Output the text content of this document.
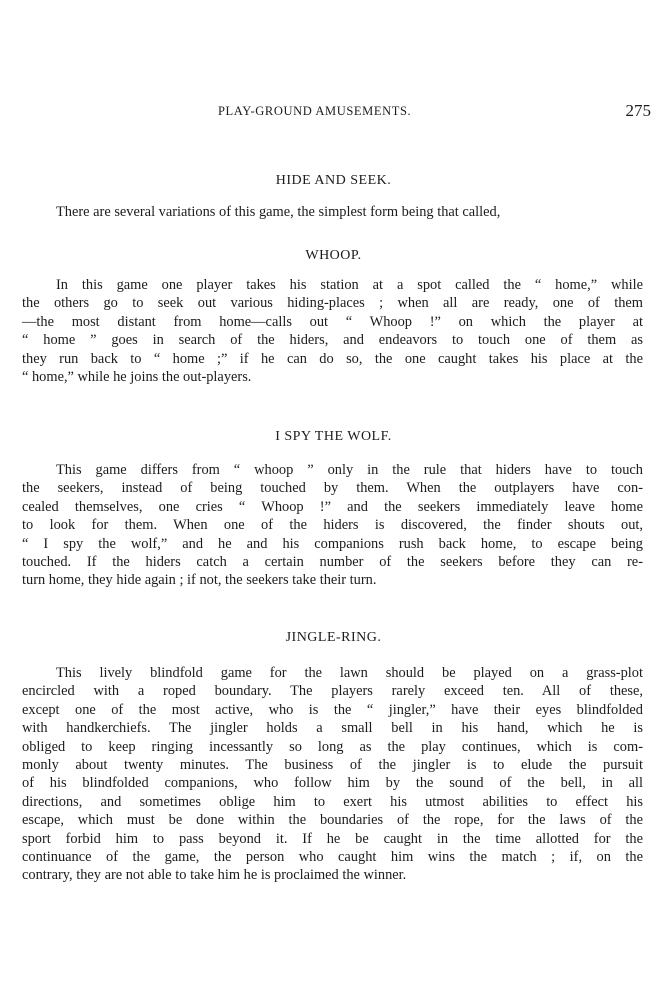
PLAY-GROUND AMUSEMENTS.	275
HIDE AND SEEK.
There are several variations of this game, the simplest form being that called,
WHOOP.
In this game one player takes his station at a spot called the “ home,” while
the others go to seek out various hiding-places ; when all are ready, one of them
—the most distant from home—calls out “ Whoop !” on which the player at
“ home ” goes in search of the hiders, and endeavors to touch one of them as
they run back to “ home ;” if he can do so, the one caught takes his place at the
“ home,” while he joins the out-players.
I SPY THE WOLF.
This game differs from “ whoop ” only in the rule that hiders have to touch
the seekers, instead of being touched by them. When the outplayers have con-
cealed themselves, one cries “ Whoop !” and the seekers immediately leave home
to look for them. When one of the hiders is discovered, the finder shouts out,
“ I spy the wolf,” and he and his companions rush back home, to escape being
touched. If the hiders catch a certain number of the seekers before they can re-
turn home, they hide again ; if not, the seekers take their turn.
JINGLE-RING.
This lively blindfold game for the lawn should be played on a grass-plot
encircled with a roped boundary. The players rarely exceed ten. All of these,
except one of the most active, who is the “ jingler,” have their eyes blindfolded
with handkerchiefs. The jingler holds a small bell in his hand, which he is
obliged to keep ringing incessantly so long as the play continues, which is com-
monly about twenty minutes. The business of the jingler is to elude the pursuit
of his blindfolded companions, who follow him by the sound of the bell, in all
directions, and sometimes oblige him to exert his utmost abilities to effect his
escape, which must be done within the boundaries of the rope, for the laws of the
sport forbid him to pass beyond it. If he be caught in the time allotted for the
continuance of the game, the person who caught him wins the match ; if, on the
contrary, they are not able to take him he is proclaimed the winner.
